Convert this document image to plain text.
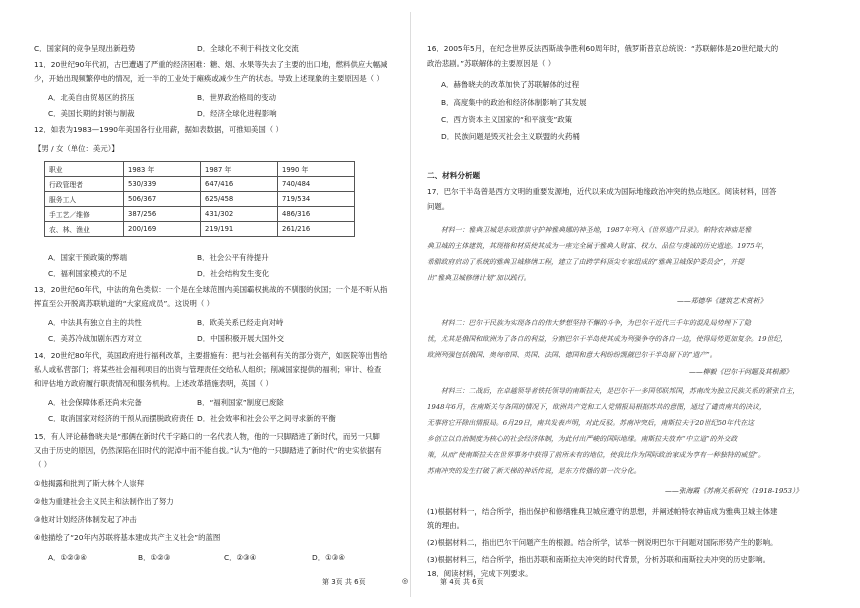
C．国家间的竞争呈现出新趋势	D．全球化不利于科技文化交流
11．20世纪90年代初，古巴遭遇了严重的经济困难：糖、烟、水果等失去了主要的出口地，燃料供应大幅减
少，开始出现频繁停电的情况，近一半的工业处于瘫痪或减少生产的状态。导致上述现象的主要原因是（ ）
A．北美自由贸易区的挤压	B．世界政治格局的变动
C．美国长期的封锁与制裁	D．经济全球化进程影响
12．如表为1983—1990年美国各行业用薪，据如表数据，可推知美国（ ）
【男 / 女（单位：美元）】
职业	1983 年	1987 年	1990 年
行政管理者	530/339	647/416	740/484
服务工人	506/367	625/458	719/534
手工艺／维修	387/256	431/302	486/316
农、林、渔业	200/169	219/191	261/216
A．国家干预政策的弊端	B．社会公平有待提升
C．福利国家模式的不足	D．社会结构发生变化
13．20世纪60年代，中法的角色类似：一个是在全球范围内美国霸权挑战的不驯服的伙国；一个是不听从指
挥直至公开脱离苏联轨道的“大家庭成员”。这说明（ ）
A．中法具有独立自主的共性	B．欧美关系已经走向对峙
C．美苏冷战加剧东西方对立	D．中国积极开展大国外交
14．20世纪80年代，英国政府进行福利改革，主要措施有：把与社会福利有关的部分资产，如医院等出售给
私人或私营部门；将某些社会福利项目的出资与管理责任交给私人组织；削减国家提供的福利；审计、检查
和评估地方政府履行职责情况和服务机构。上述改革措施表明，英国（ ）
A．社会保障体系还尚未完备	B．“福利国家”制度已废除
C．取消国家对经济的干预从而摆脱政府责任 D．社会效率和社会公平之间寻求新的平衡
15．有人评论赫鲁晓夫是“那俩在新时代千字路口的一名代表人物，他的一只脚踏进了新时代，而另一只脚
又由于历史的原因，仍然深陷在旧时代的泥淖中而不能自拔。”认为“他的一只脚踏进了新时代”的史实依据有
（ ）
①他揭露和批判了斯大林个人崇拜
②他为重建社会主义民主和法制作出了努力
③他对计划经济体制发起了冲击
④他描绘了“20年内苏联将基本建成共产主义社会”的蓝图
A．①②③④	B．①②③	C．②③④	D．①③④
第 3页 共 6页	◎	第 4页 共 6页
16．2005年5月，在纪念世界反法西斯战争胜利60周年时，俄罗斯普京总统说：“苏联解体是20世纪最大的
政治悲剧。”苏联解体的主要原因是（ ）
A．赫鲁晓夫的改革加快了苏联解体的过程
B．高度集中的政治和经济体制影响了其发展
C．西方资本主义国家的“和平演变”政策
D．民族问题是毁灭社会主义联盟的火药桶
二、材料分析题
17．巴尔干半岛曾是西方文明的重要发源地，近代以来成为国际地缘政治冲突的热点地区。阅读材料，回答
问题。
材料一：雅典卫城是东欧推崇守护神雅典娜的神圣地，1987年列入《世界遗产目录》。帕特农神庙是雅
典卫城的主体建筑，其现格和材质使其成为一座完全属于雅典人财富、权力、品位与虔诚的历史遗迹。1975年，
希腊政府启动了系统的雅典卫城修缮工程，建立了由跨学科顶尖专家组成的“雅典卫城保护委员会”，并提
出“雅典卫城修缮计划”加以践行。
——郑德华《建筑艺术赏析》
材料二：巴尔干民族为实现各自的伟大梦想坚持不懈的斗争，为巴尔干近代三千年的混乱局势埋下了隐
忧，尤其是俄国和欧洲为了各自的利益，分割巴尔干半岛使其成为列强争夺的各自一边，使得局势更加复杂。19世纪，
欧洲列强包括俄国、奥匈帝国、英国、法国、德国和意大利纷纷觊觎巴尔干半岛留下的“遗产”。
——柳毅《巴尔干问题及其根源》
材料三：二战后，在卓越领导者铁托领导的南斯拉夫，是巴尔干一多国邻联邦国，苏南改为独立民族关系的紧张自主，
1948年6月，在南斯关与各国的情况下，欧洲共产党和工人党情报局根据苏共的意图，通过了谴责南共的决议，
无事将它开除出情报局。6月29日，南共发表声明，对此反驳。苏南冲突后，南斯拉夫于20世纪50年代在这
乡创立以自治制度为核心的社会经济体制，为此付出严峻的国际地缘。南斯拉夫放弃“中立道”的外交政
策，从而“使南斯拉夫在世界事务中获得了前所未有的地位，使我比作为国际政治家成为享有一种独特的威望”。
苏南冲突的发生打破了新天梯的神话传说，是东方传播的第一次分化。
——张海霞《苏南关系研究（1918-1953）》
(1)根据材料一，结合所学，指出保护和修缮雅典卫城应遵守的思想，并阐述帕特农神庙成为雅典卫城主体建
筑的理由。
(2)根据材料二，指出巴尔干问题产生的根源。结合所学，试举一例说明巴尔干问题对国际形势产生的影响。
(3)根据材料三，结合所学，指出苏联和南斯拉夫冲突的时代背景，分析苏联和南斯拉夫冲突的历史影响。
18．阅读材料，完成下列要求。
